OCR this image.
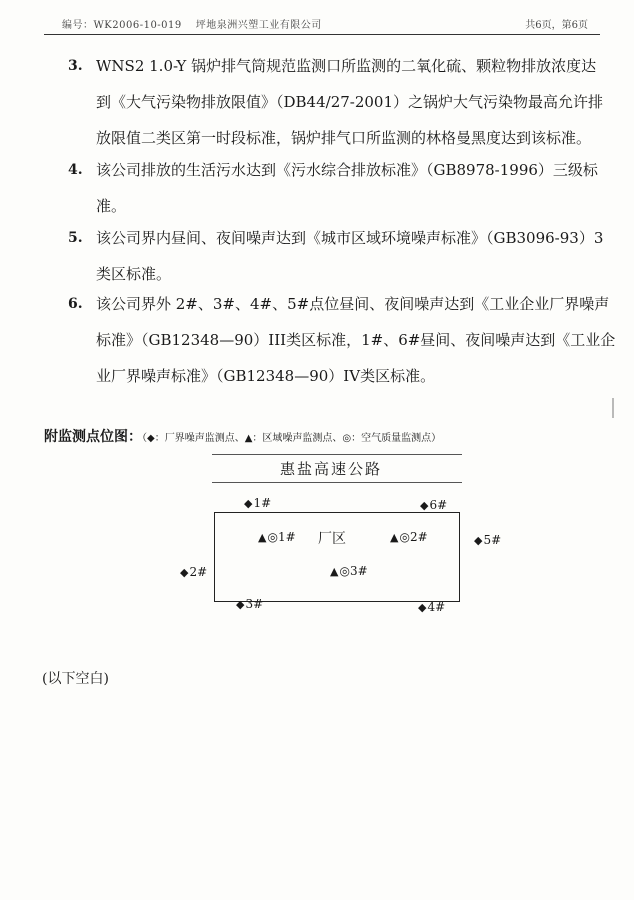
编号：WK2006-10-019 坪地泉洲兴塑工业有限公司	共6页，第6页
3. WNS2 1.0-Y 锅炉排气筒规范监测口所监测的二氧化硫、颗粒物排放浓度达
到《大气污染物排放限值》（DB44/27-2001）之锅炉大气污染物最高允许排
放限值二类区第一时段标准，锅炉排气口所监测的林格曼黑度达到该标准。
4. 该公司排放的生活污水达到《污水综合排放标准》（GB8978-1996）三级标
准。
5. 该公司界内昼间、夜间噪声达到《城市区域环境噪声标准》（GB3096-93）3
类区标准。
6. 该公司界外 2#、3#、4#、5#点位昼间、夜间噪声达到《工业企业厂界噪声
标准》（GB12348—90）III类区标准，1#、6#昼间、夜间噪声达到《工业企
业厂界噪声标准》（GB12348—90）IV类区标准。
附监测点位图：（◆：厂界噪声监测点、▲：区域噪声监测点、◎：空气质量监测点）
惠盐高速公路
厂区
◆1#	◆6#
◆5#
◆2#
◆3#	◆4#
▲◎1#	▲◎2#
▲◎3#
(以下空白)
